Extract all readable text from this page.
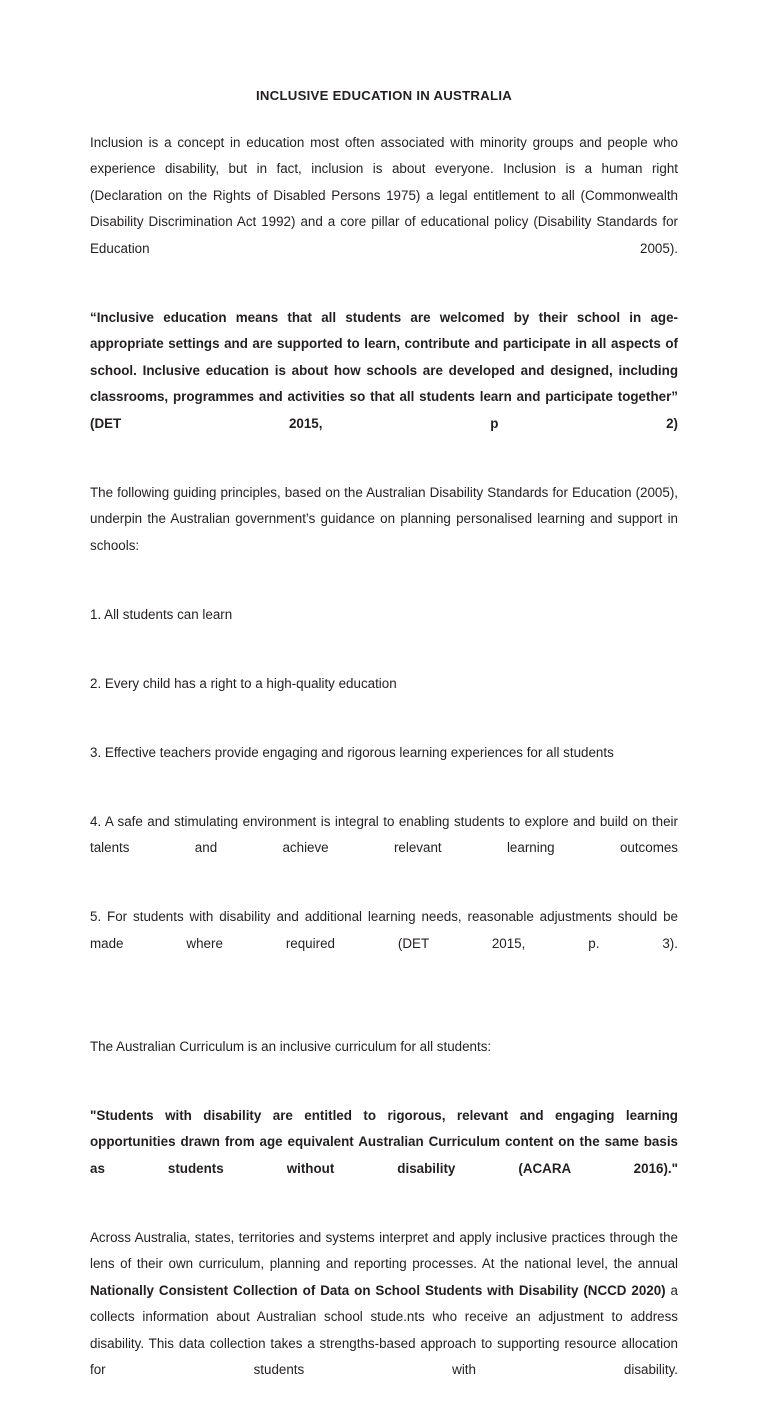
INCLUSIVE EDUCATION IN AUSTRALIA

Inclusion is a concept in education most often associated with minority groups and people who experience disability, but in fact, inclusion is about everyone. Inclusion is a human right (Declaration on the Rights of Disabled Persons 1975) a legal entitlement to all (Commonwealth Disability Discrimination Act 1992) and a core pillar of educational policy (Disability Standards for Education 2005).

“Inclusive education means that all students are welcomed by their school in age-appropriate settings and are supported to learn, contribute and participate in all aspects of school. Inclusive education is about how schools are developed and designed, including classrooms, programmes and activities so that all students learn and participate together” (DET 2015, p 2)

The following guiding principles, based on the Australian Disability Standards for Education (2005), underpin the Australian government’s guidance on planning personalised learning and support in schools:

1. All students can learn

2. Every child has a right to a high-quality education

3. Effective teachers provide engaging and rigorous learning experiences for all students

4. A safe and stimulating environment is integral to enabling students to explore and build on their talents and achieve relevant learning outcomes

5. For students with disability and additional learning needs, reasonable adjustments should be made where required (DET 2015, p. 3).

The Australian Curriculum is an inclusive curriculum for all students:

"Students with disability are entitled to rigorous, relevant and engaging learning opportunities drawn from age equivalent Australian Curriculum content on the same basis as students without disability (ACARA 2016)."

Across Australia, states, territories and systems interpret and apply inclusive practices through the lens of their own curriculum, planning and reporting processes. At the national level, the annual Nationally Consistent Collection of Data on School Students with Disability (NCCD 2020) a collects information about Australian school stude.nts who receive an adjustment to address disability. This data collection takes a strengths-based approach to supporting resource allocation for students with disability.
